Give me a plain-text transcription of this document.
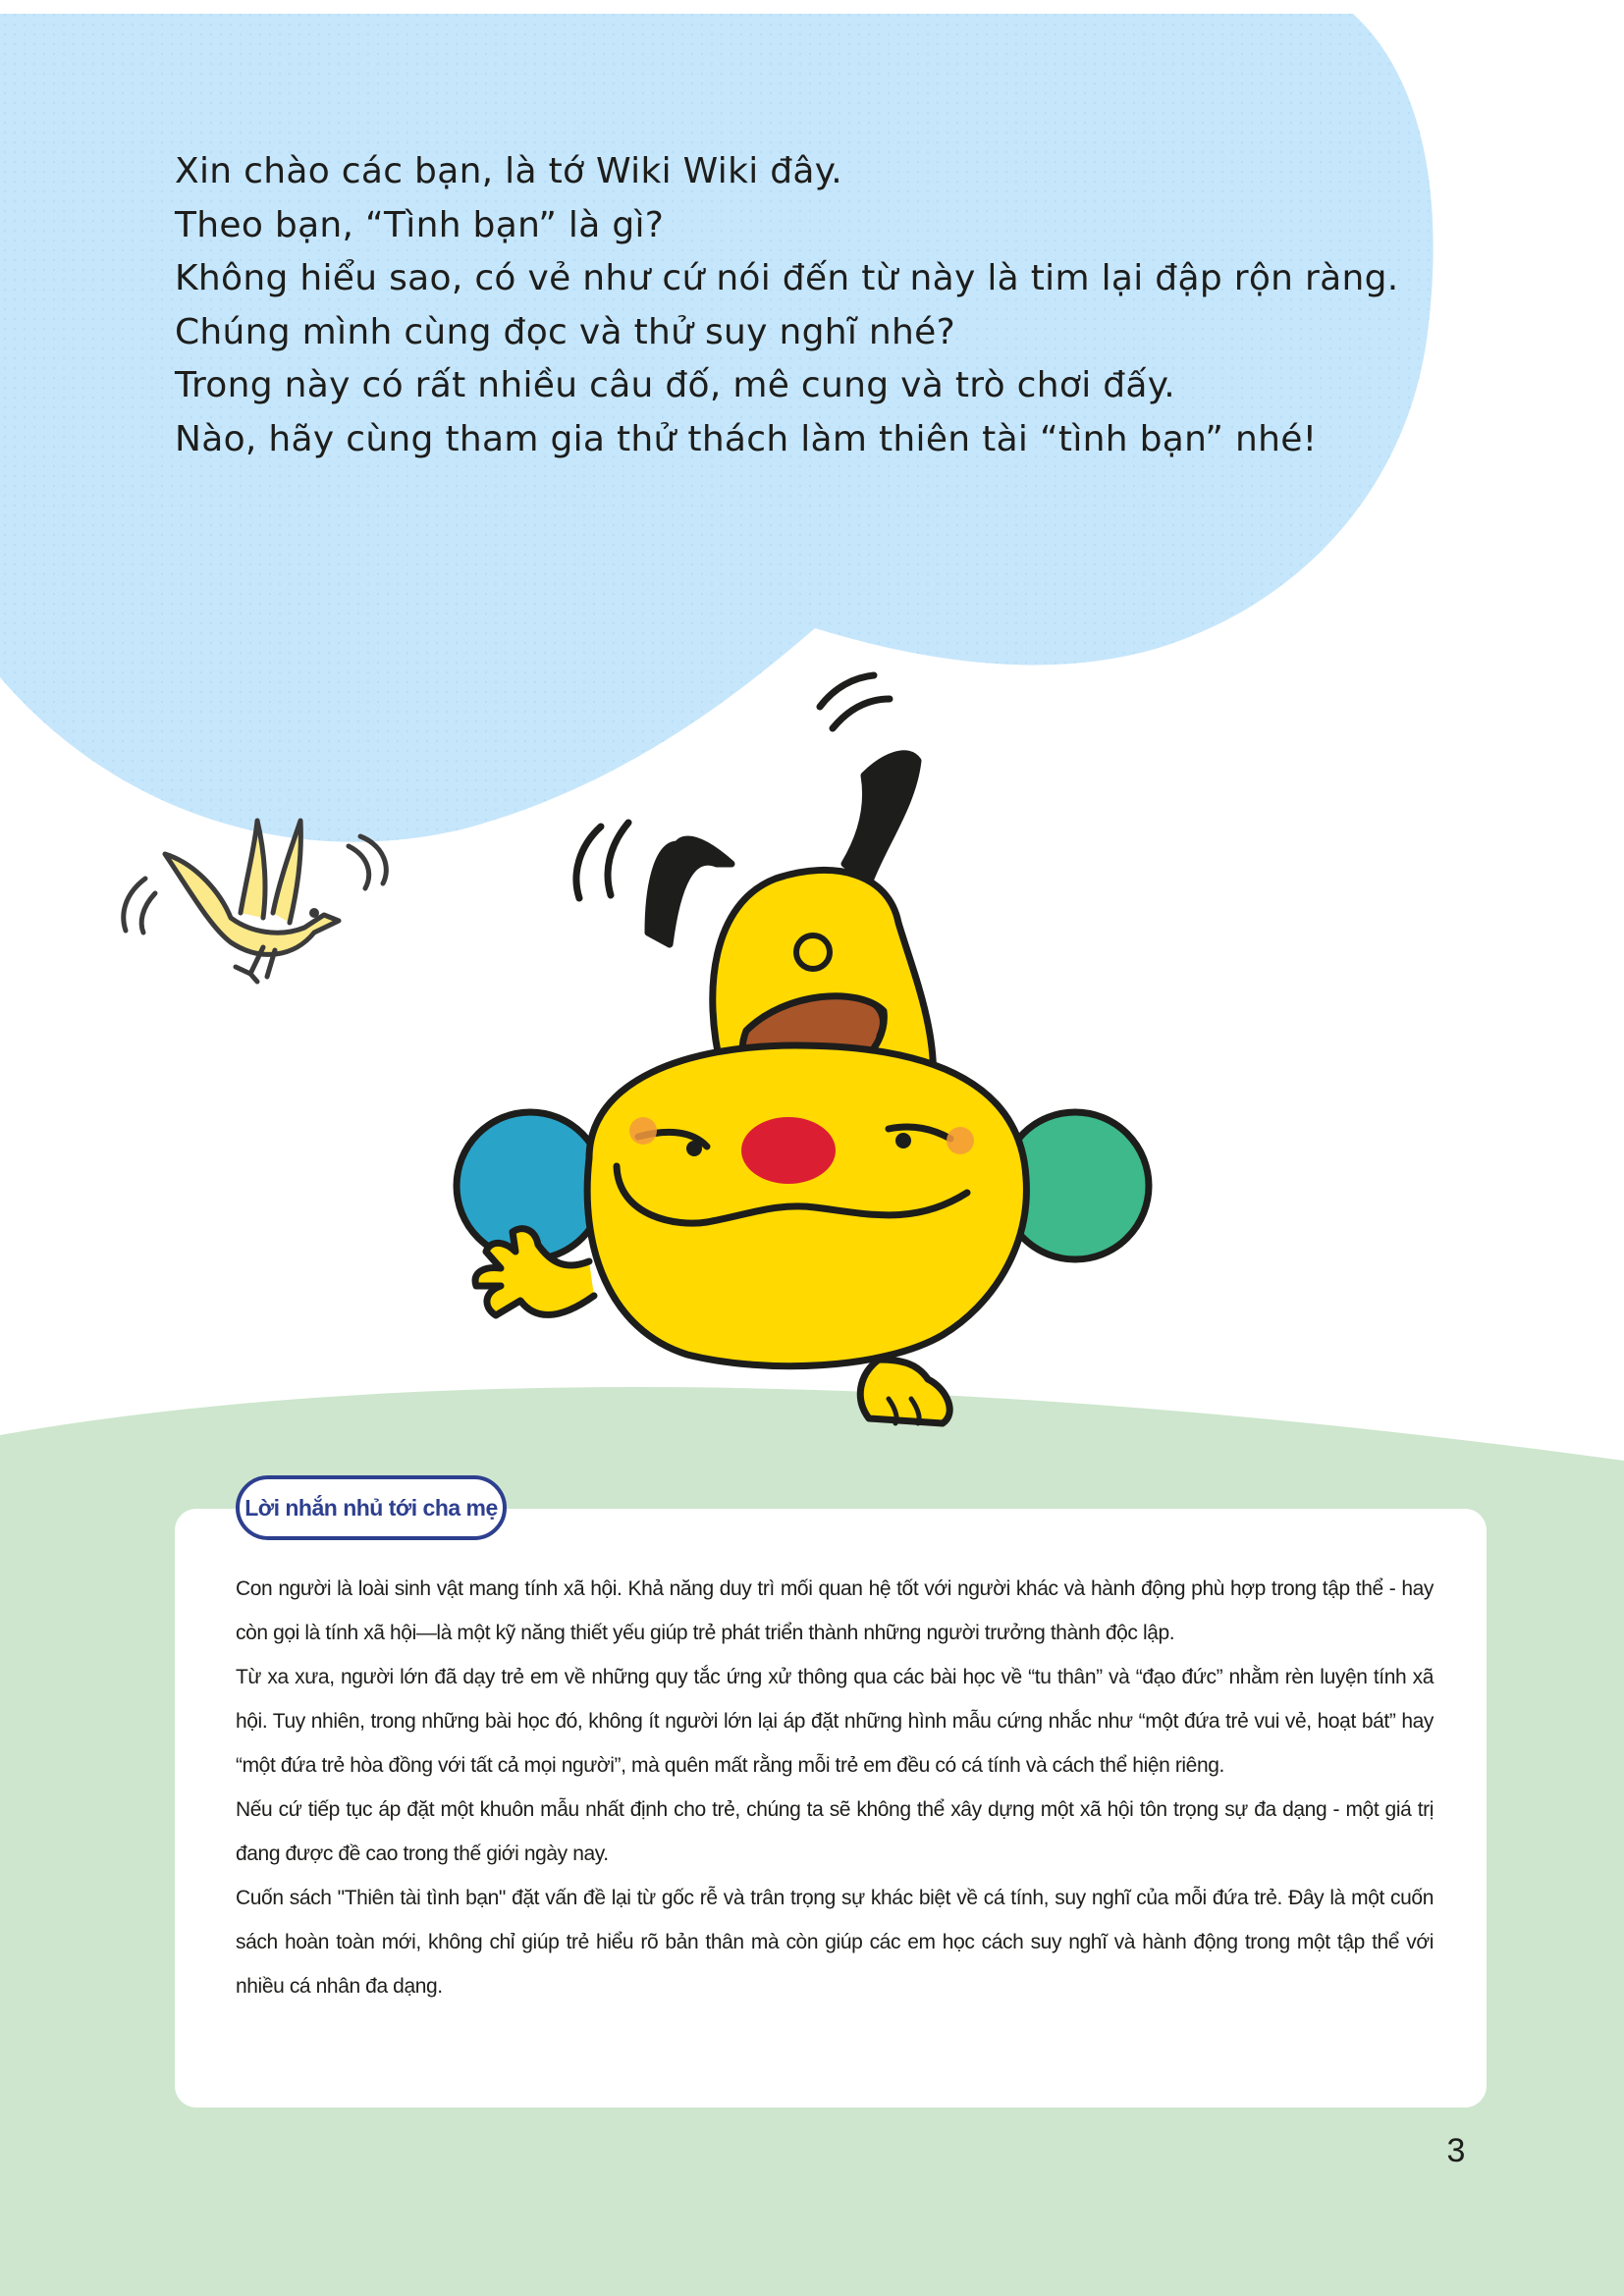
Xin chào các bạn, là tớ Wiki Wiki đây.
Theo bạn, “Tình bạn” là gì?
Không hiểu sao, có vẻ như cứ nói đến từ này là tim lại đập rộn ràng.
Chúng mình cùng đọc và thử suy nghĩ nhé?
Trong này có rất nhiều câu đố, mê cung và trò chơi đấy.
Nào, hãy cùng tham gia thử thách làm thiên tài “tình bạn” nhé!
Lời nhắn nhủ tới cha mẹ

Con người là loài sinh vật mang tính xã hội. Khả năng duy trì mối quan hệ tốt với người khác và hành động phù hợp trong tập thể - hay còn gọi là tính xã hội—là một kỹ năng thiết yếu giúp trẻ phát triển thành những người trưởng thành độc lập.

Từ xa xưa, người lớn đã dạy trẻ em về những quy tắc ứng xử thông qua các bài học về “tu thân” và “đạo đức” nhằm rèn luyện tính xã hội. Tuy nhiên, trong những bài học đó, không ít người lớn lại áp đặt những hình mẫu cứng nhắc như “một đứa trẻ vui vẻ, hoạt bát” hay “một đứa trẻ hòa đồng với tất cả mọi người”, mà quên mất rằng mỗi trẻ em đều có cá tính và cách thể hiện riêng.

Nếu cứ tiếp tục áp đặt một khuôn mẫu nhất định cho trẻ, chúng ta sẽ không thể xây dựng một xã hội tôn trọng sự đa dạng - một giá trị đang được đề cao trong thế giới ngày nay.

Cuốn sách "Thiên tài tình bạn" đặt vấn đề lại từ gốc rễ và trân trọng sự khác biệt về cá tính, suy nghĩ của mỗi đứa trẻ. Đây là một cuốn sách hoàn toàn mới, không chỉ giúp trẻ hiểu rõ bản thân mà còn giúp các em học cách suy nghĩ và hành động trong một tập thể với nhiều cá nhân đa dạng.

3
